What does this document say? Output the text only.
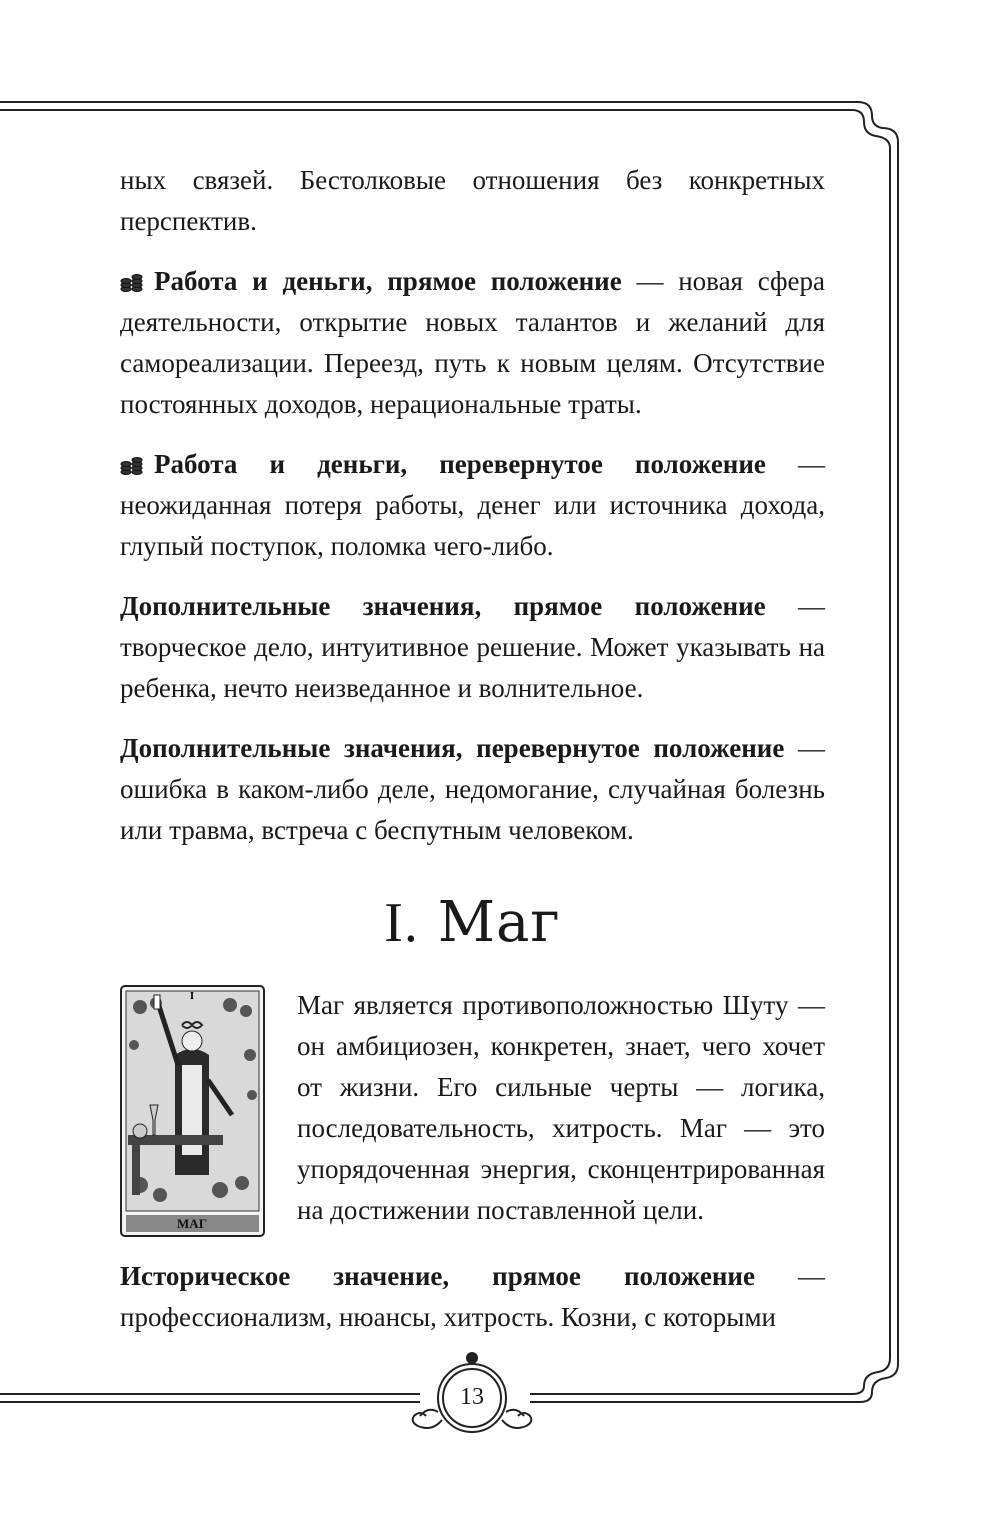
ных связей. Бестолковые отношения без конкретных перспектив.

Работа и деньги, прямое положение — новая сфера деятельности, открытие новых талантов и желаний для самореализации. Переезд, путь к новым целям. Отсутствие постоянных доходов, нерациональные траты.

Работа и деньги, перевернутое положение — неожиданная потеря работы, денег или источника дохода, глупый поступок, поломка чего-либо.

Дополнительные значения, прямое положение — творческое дело, интуитивное решение. Может указывать на ребенка, нечто неизведанное и волнительное.

Дополнительные значения, перевернутое положение — ошибка в каком-либо деле, недомогание, случайная болезнь или травма, встреча с беспутным человеком.

I. Маг
I
МАГ

Маг является противоположностью Шуту — он амбициозен, конкретен, знает, чего хочет от жизни. Его сильные черты — логика, последовательность, хитрость. Маг — это упорядоченная энергия, сконцентрированная на достижении поставленной цели.

Историческое значение, прямое положение — профессионализм, нюансы, хитрость. Козни, с которыми

13
